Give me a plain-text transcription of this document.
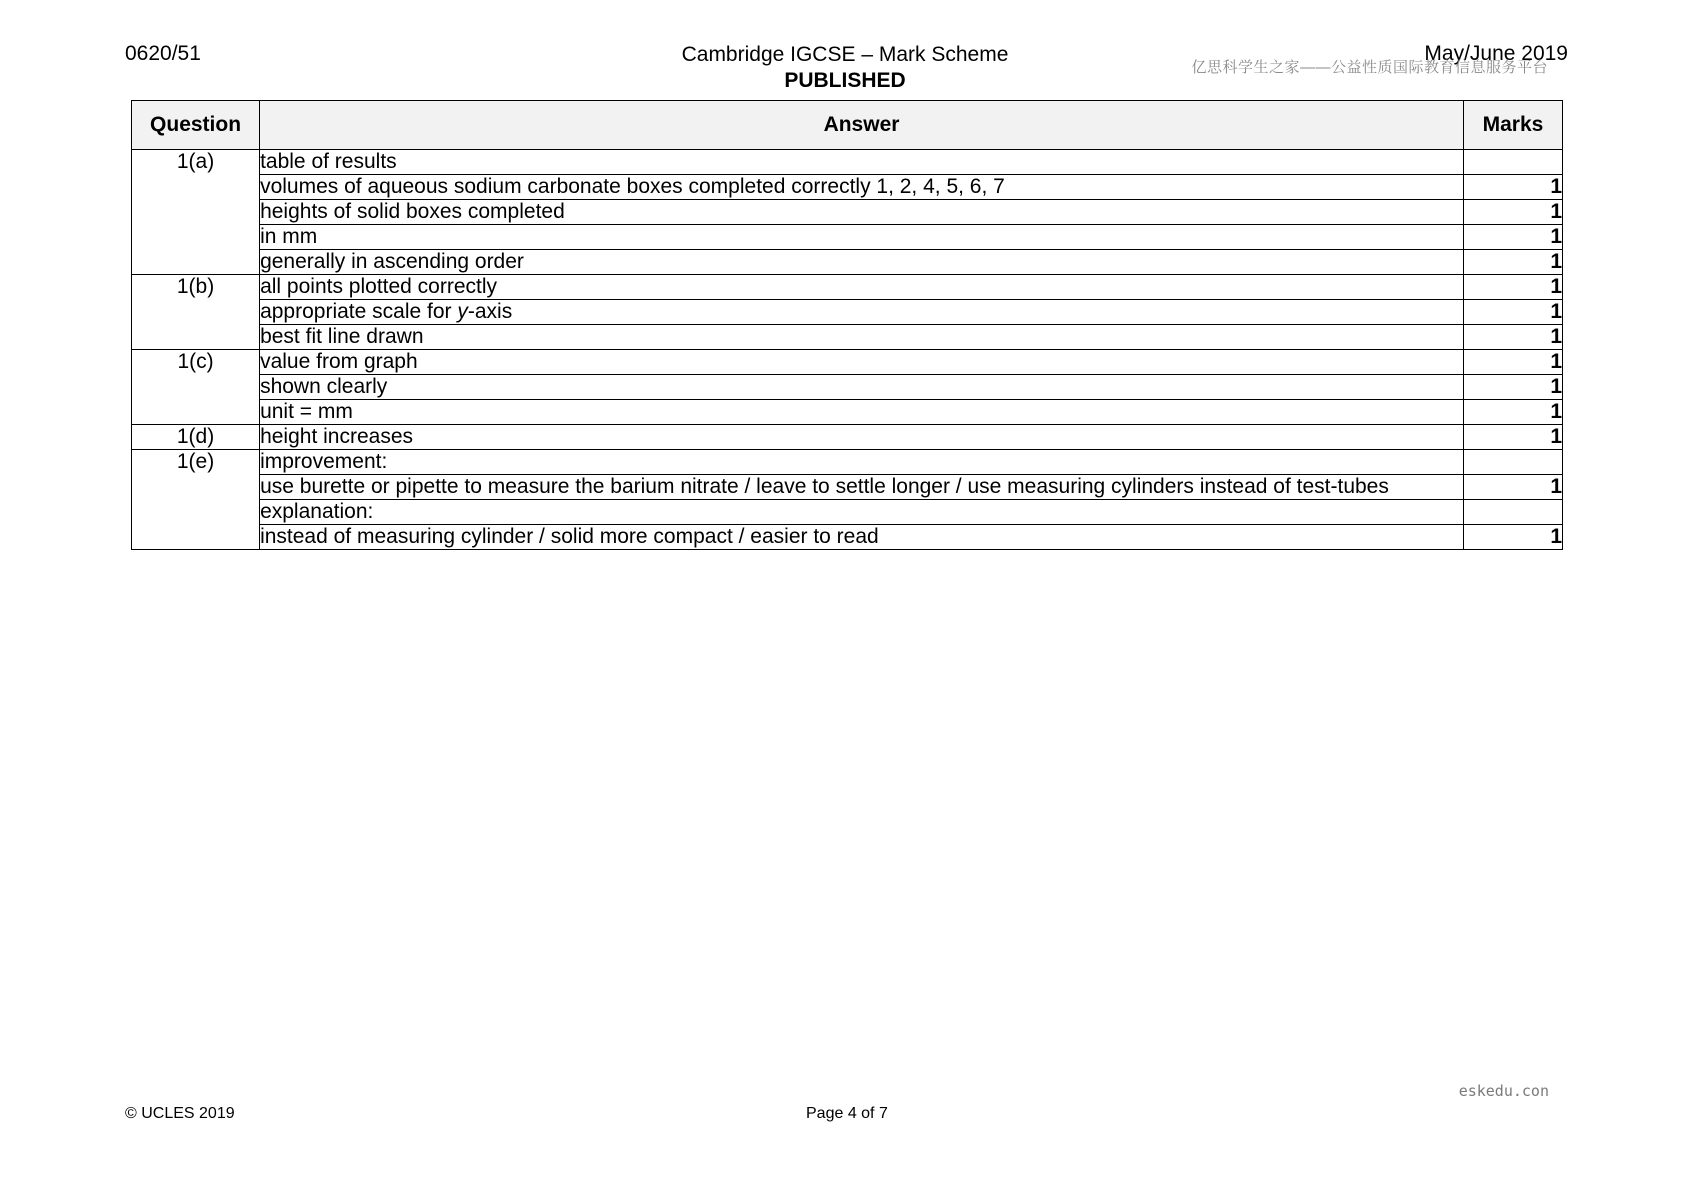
0620/51	Cambridge IGCSE – Mark Scheme
PUBLISHED
May/June 2019
亿思科学生之家——公益性质国际教育信息服务平台
Question	Answer	Marks
1(a)	table of results	
	volumes of aqueous sodium carbonate boxes completed correctly 1, 2, 4, 5, 6, 7	1
	heights of solid boxes completed	1
	in mm	1
	generally in ascending order	1
1(b)	all points plotted correctly	1
	appropriate scale for y-axis	1
	best fit line drawn	1
1(c)	value from graph	1
	shown clearly	1
	unit = mm	1
1(d)	height increases	1
1(e)	improvement:	
	use burette or pipette to measure the barium nitrate / leave to settle longer / use measuring cylinders instead of test-tubes	1
	explanation:	
	instead of measuring cylinder / solid more compact / easier to read	1
eskedu.con
© UCLES 2019	Page 4 of 7
